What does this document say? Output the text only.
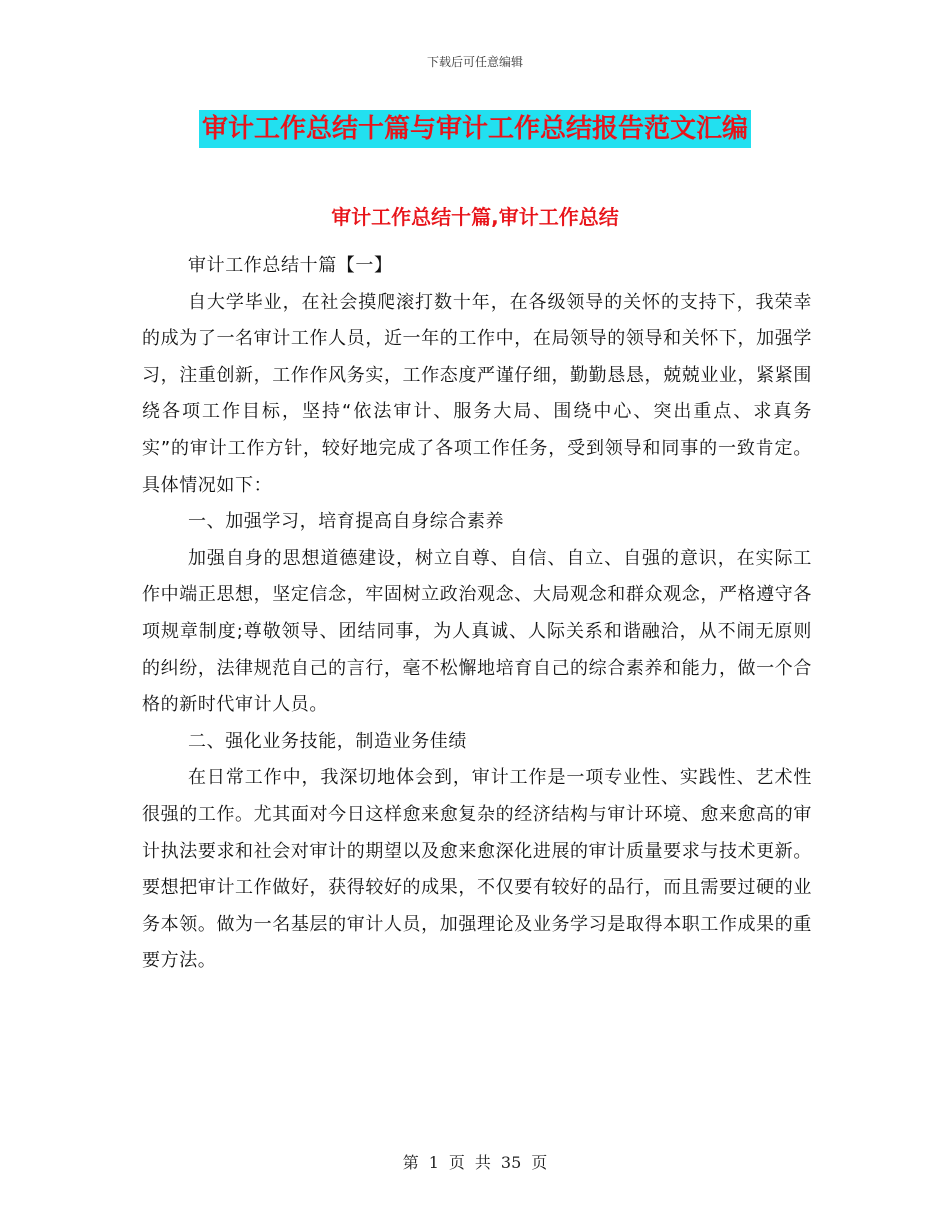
下载后可任意编辑
审计工作总结十篇与审计工作总结报告范文汇编
审计工作总结十篇,审计工作总结

审计工作总结十篇【一】

自大学毕业，在社会摸爬滚打数十年，在各级领导的关怀的支持下，我荣幸的成为了一名审计工作人员，近一年的工作中，在局领导的领导和关怀下，加强学习，注重创新，工作作风务实，工作态度严谨仔细，勤勤恳恳，兢兢业业，紧紧围绕各项工作目标，坚持“依法审计、服务大局、围绕中心、突出重点、求真务实”的审计工作方针，较好地完成了各项工作任务，受到领导和同事的一致肯定。具体情况如下：

一、加强学习，培育提高自身综合素养

加强自身的思想道德建设，树立自尊、自信、自立、自强的意识，在实际工作中端正思想，坚定信念，牢固树立政治观念、大局观念和群众观念，严格遵守各项规章制度;尊敬领导、团结同事，为人真诚、人际关系和谐融洽，从不闹无原则的纠纷，法律规范自己的言行，毫不松懈地培育自己的综合素养和能力，做一个合格的新时代审计人员。

二、强化业务技能，制造业务佳绩

在日常工作中，我深切地体会到，审计工作是一项专业性、实践性、艺术性很强的工作。尤其面对今日这样愈来愈复杂的经济结构与审计环境、愈来愈高的审计执法要求和社会对审计的期望以及愈来愈深化进展的审计质量要求与技术更新。要想把审计工作做好，获得较好的成果，不仅要有较好的品行，而且需要过硬的业务本领。做为一名基层的审计人员，加强理论及业务学习是取得本职工作成果的重要方法。

第 1 页 共 35 页
